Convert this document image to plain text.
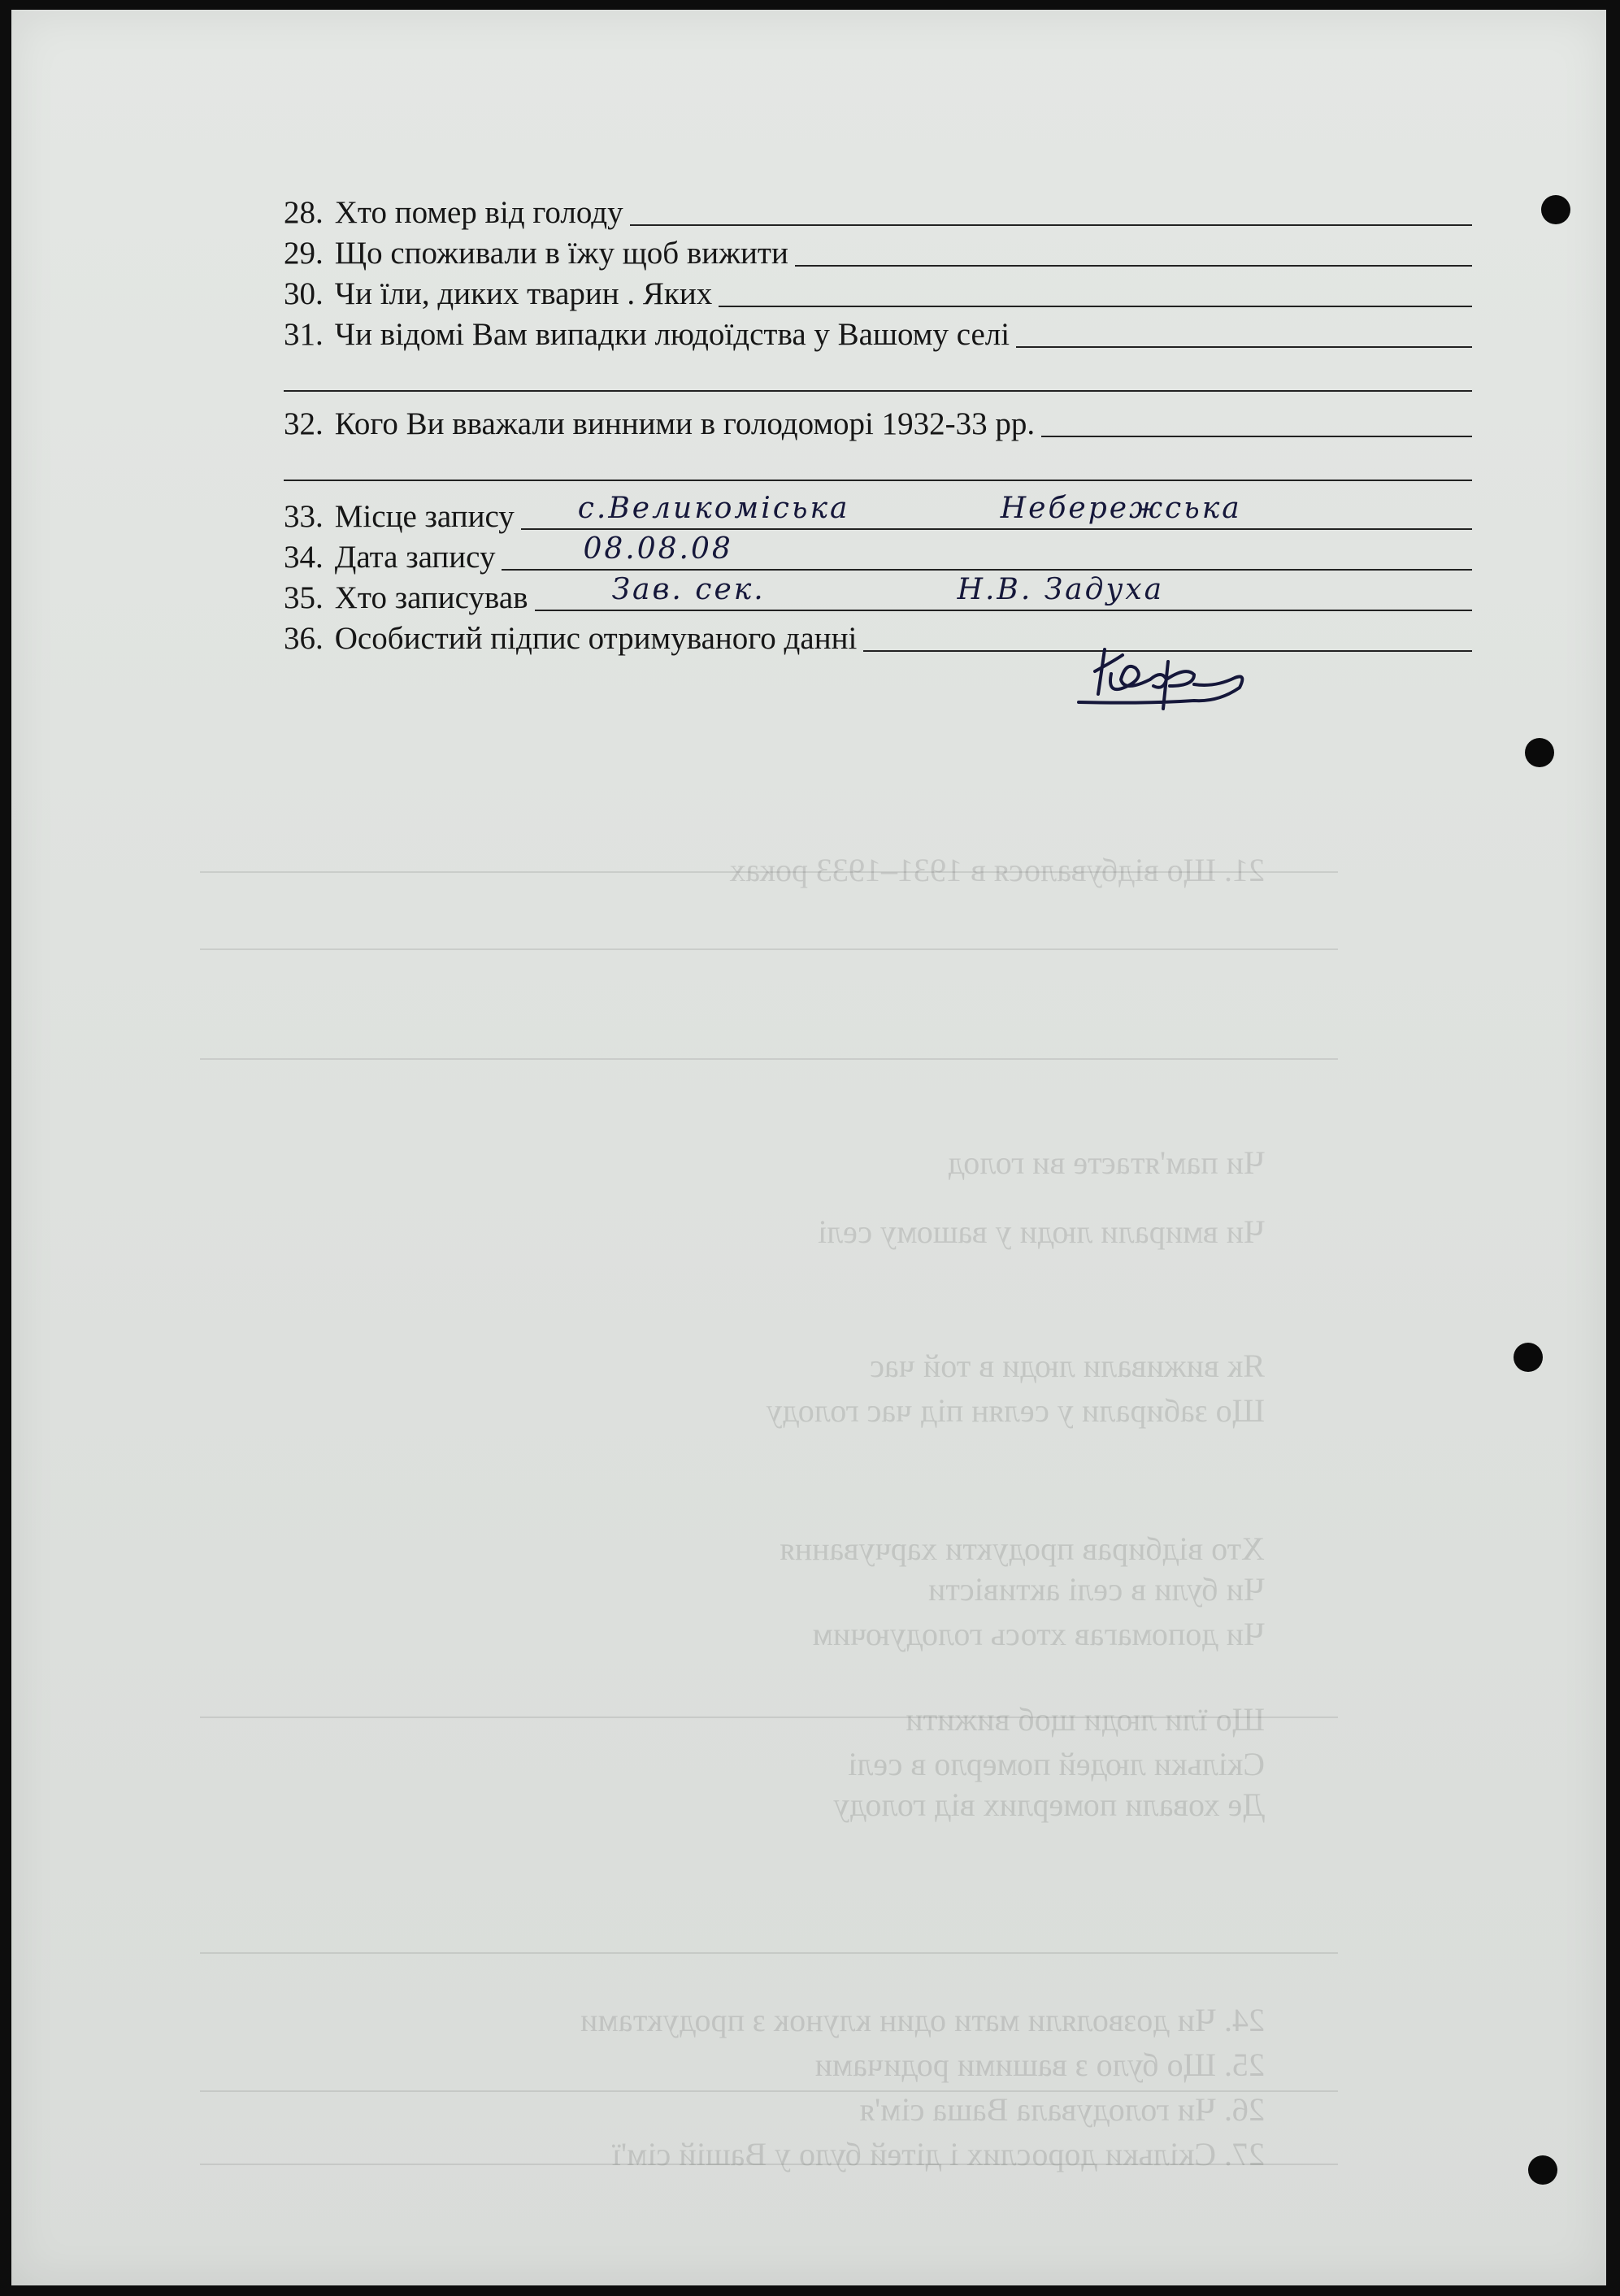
21. Що відбувалося в 1931–1933 роках
Чи пам'ятаєте ви голод
Чи вмирали люди у вашому селі
Як виживали люди в той час
Що забирали у селян під час голоду
Хто відбирав продукти харчування
Чи були в селі активісти
Чи допомагав хтось голодуючим
Що їли люди щоб вижити
Скільки людей померло в селі
Де ховали померлих від голоду
24. Чи дозволяли мати один клунок з продуктами
25. Що було з вашими родичами
26. Чи голодувала Ваша сім'я
27. Скільки дорослих і дітей було у Вашій сім'ї
28. Хто помер від голоду
29. Що споживали в їжу щоб вижити
30. Чи їли, диких тварин . Яких
31. Чи відомі Вам випадки людоїдства у Вашому селі
32. Кого Ви вважали винними в голодоморі 1932-33 рр.
33. Місце запису с.Великоміська	Небережська
34. Дата запису	08.08.08
35. Хто записував	Зав. сек.	Н.В. Задуха
36. Особистий підпис отримуваного данні
